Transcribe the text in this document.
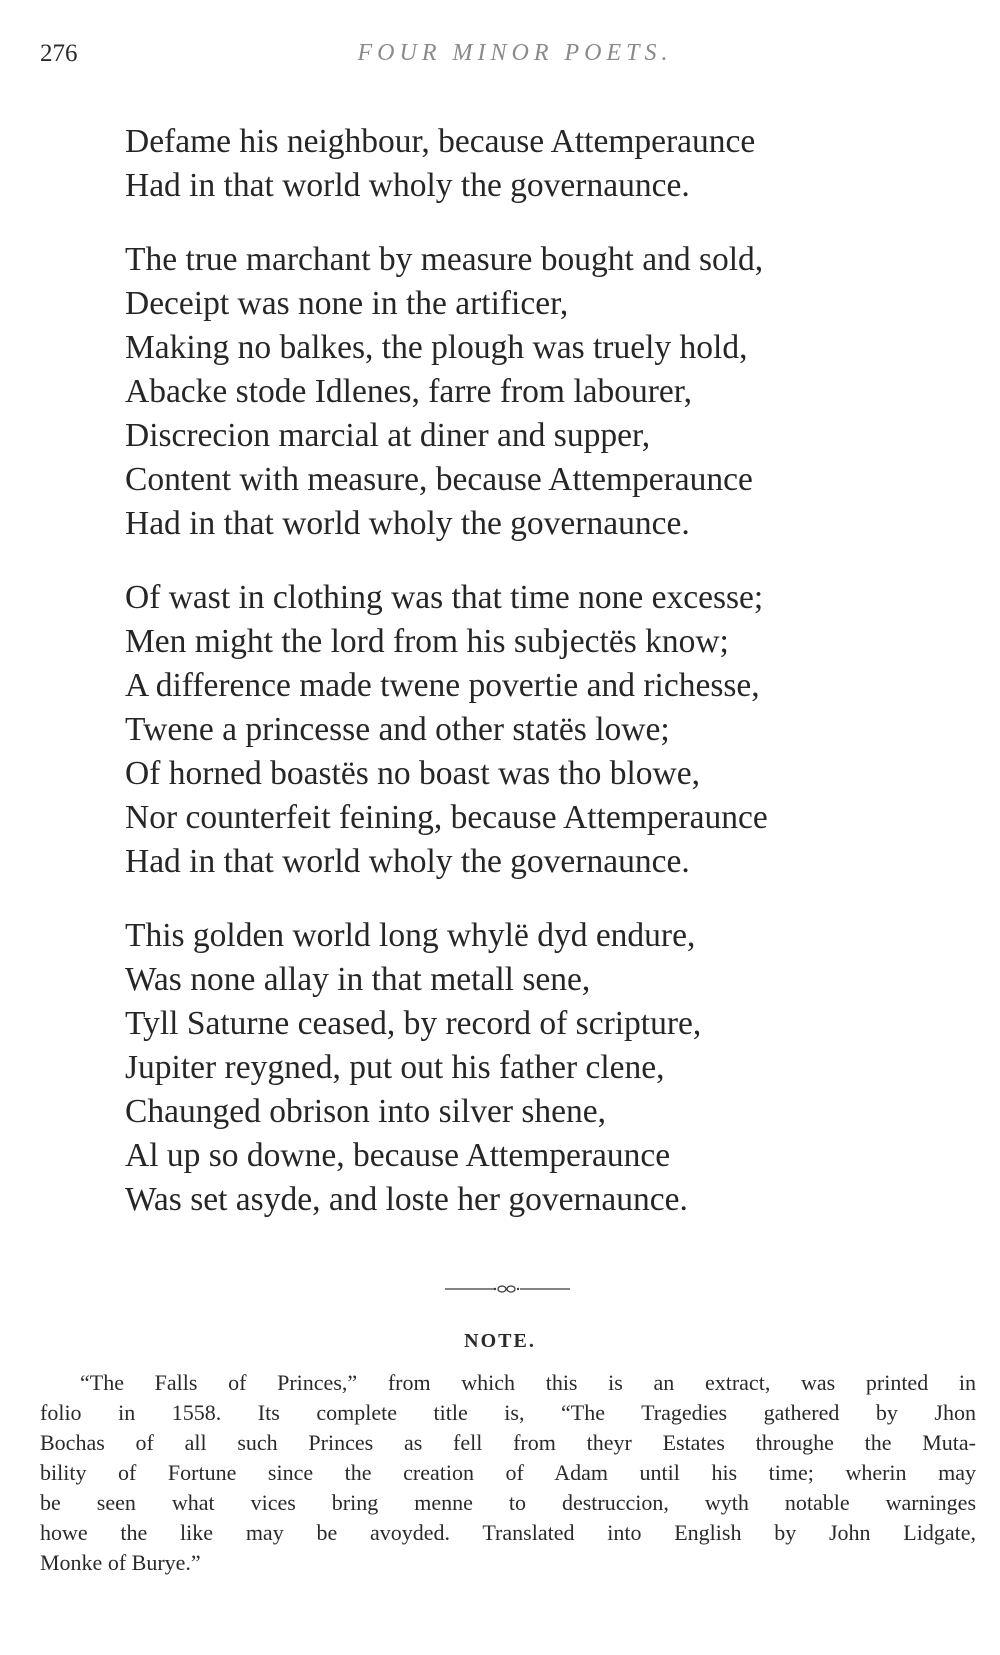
276	FOUR MINOR POETS.
Defame his neighbour, because Attemperaunce
Had in that world wholy the governaunce.
The true marchant by measure bought and sold,
Deceipt was none in the artificer,
Making no balkes, the plough was truely hold,
Abacke stode Idlenes, farre from labourer,
Discrecion marcial at diner and supper,
Content with measure, because Attemperaunce
Had in that world wholy the governaunce.
Of wast in clothing was that time none excesse;
Men might the lord from his subjectës know;
A difference made twene povertie and richesse,
Twene a princesse and other statës lowe;
Of horned boastës no boast was tho blowe,
Nor counterfeit feining, because Attemperaunce
Had in that world wholy the governaunce.
This golden world long whylë dyd endure,
Was none allay in that metall sene,
Tyll Saturne ceased, by record of scripture,
Jupiter reygned, put out his father clene,
Chaunged obrison into silver shene,
Al up so downe, because Attemperaunce
Was set asyde, and loste her governaunce.
NOTE.
“The Falls of Princes,” from which this is an extract, was printed in
folio in 1558. Its complete title is, “The Tragedies gathered by Jhon
Bochas of all such Princes as fell from theyr Estates throughe the Muta-
bility of Fortune since the creation of Adam until his time; wherin may
be seen what vices bring menne to destruccion, wyth notable warninges
howe the like may be avoyded. Translated into English by John Lidgate,
Monke of Burye.”
